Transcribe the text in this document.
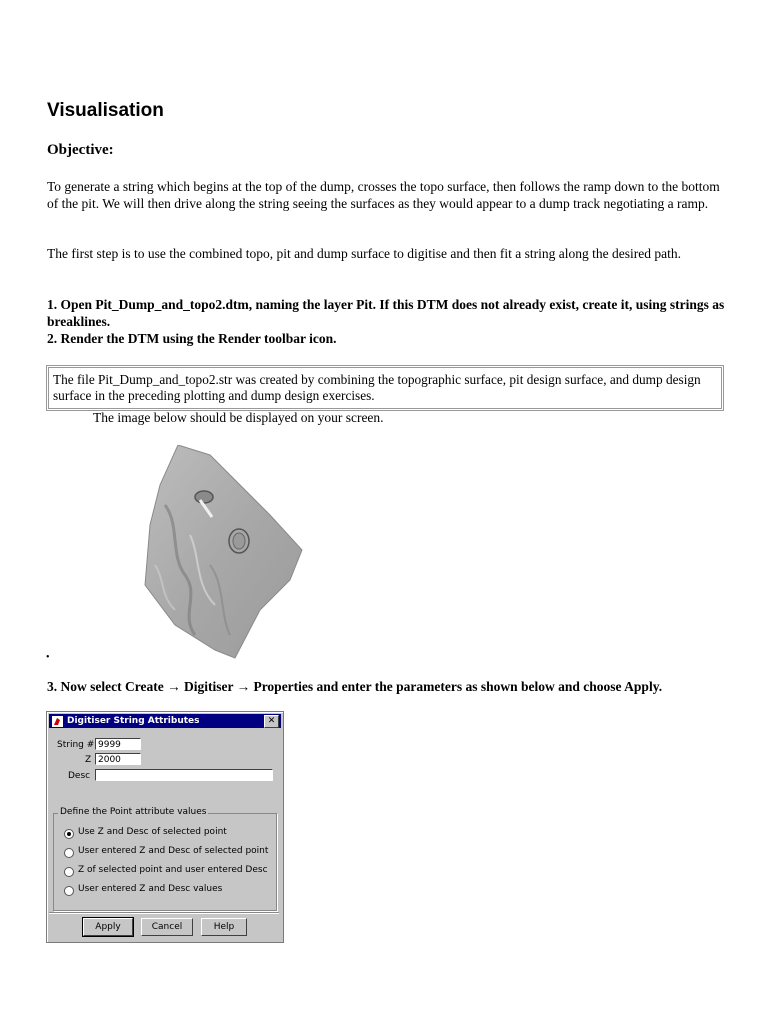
Visualisation
Objective:
To generate a string which begins at the top of the dump, crosses the topo surface, then follows the ramp down to the bottom of the pit. We will then drive along the string seeing the surfaces as they would appear to a dump track negotiating a ramp.
The first step is to use the combined topo, pit and dump surface to digitise and then fit a string along the desired path.
1. Open Pit_Dump_and_topo2.dtm, naming the layer Pit. If this DTM does not already exist, create it, using strings as breaklines.
2. Render the DTM using the Render toolbar icon.
The file Pit_Dump_and_topo2.str was created by combining the topographic surface, pit design surface, and dump design surface in the preceding plotting and dump design exercises.
The image below should be displayed on your screen.
•
3. Now select Create → Digitiser → Properties and enter the parameters as shown below and choose Apply.
Digitiser String Attributes	✕
String # 9999
Z 2000
Desc
Define the Point attribute values
Use Z and Desc of selected point
User entered Z and Desc of selected point
Z of selected point and user entered Desc
User entered Z and Desc values
Apply	Cancel	Help
